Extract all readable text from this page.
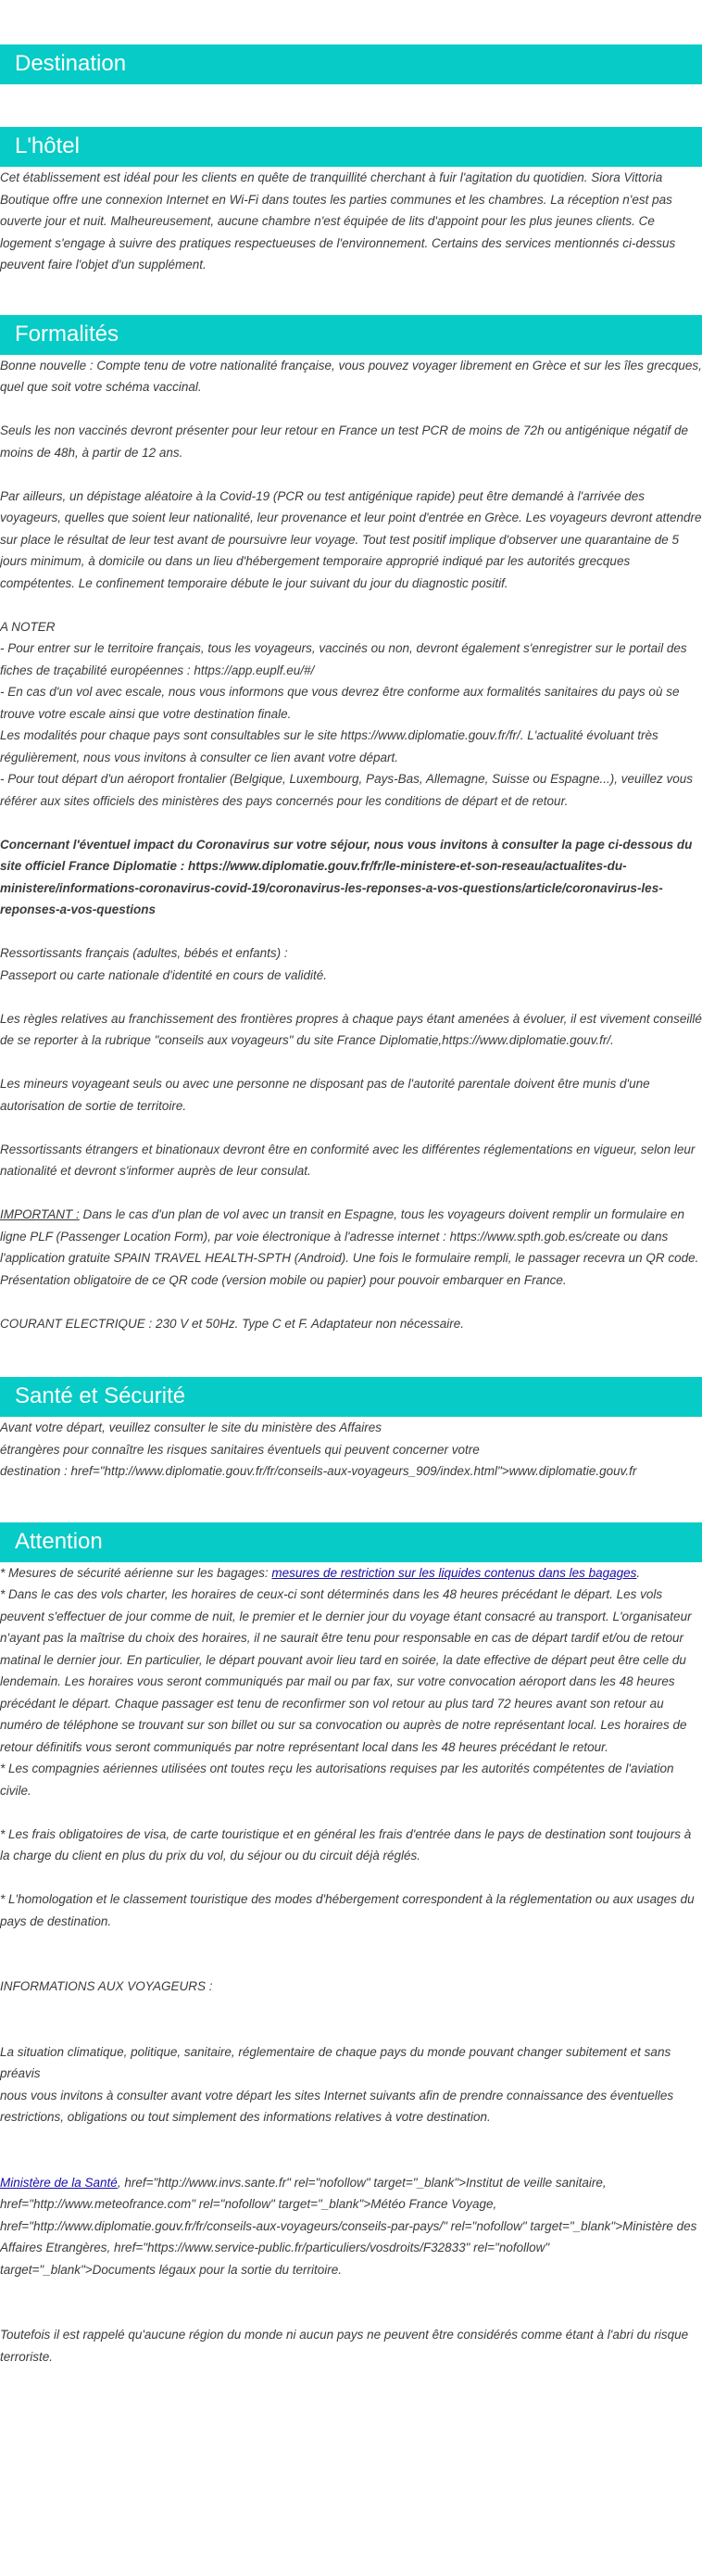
Destination
L'hôtel

Cet établissement est idéal pour les clients en quête de tranquillité cherchant à fuir l'agitation du quotidien. Siora Vittoria Boutique offre une connexion Internet en Wi-Fi dans toutes les parties communes et les chambres. La réception n'est pas ouverte jour et nuit. Malheureusement, aucune chambre n'est équipée de lits d'appoint pour les plus jeunes clients. Ce logement s'engage à suivre des pratiques respectueuses de l'environnement. Certains des services mentionnés ci-dessus peuvent faire l'objet d'un supplément.

Formalités

Bonne nouvelle : Compte tenu de votre nationalité française, vous pouvez voyager librement en Grèce et sur les îles grecques, quel que soit votre schéma vaccinal.

Seuls les non vaccinés devront présenter pour leur retour en France un test PCR de moins de 72h ou antigénique négatif de moins de 48h, à partir de 12 ans.

Par ailleurs, un dépistage aléatoire à la Covid-19 (PCR ou test antigénique rapide) peut être demandé à l'arrivée des voyageurs, quelles que soient leur nationalité, leur provenance et leur point d'entrée en Grèce. Les voyageurs devront attendre sur place le résultat de leur test avant de poursuivre leur voyage. Tout test positif implique d'observer une quarantaine de 5 jours minimum, à domicile ou dans un lieu d'hébergement temporaire approprié indiqué par les autorités grecques compétentes. Le confinement temporaire débute le jour suivant du jour du diagnostic positif.

A NOTER

- Pour entrer sur le territoire français, tous les voyageurs, vaccinés ou non, devront également s'enregistrer sur le portail des fiches de traçabilité européennes : https://app.euplf.eu/#/

- En cas d'un vol avec escale, nous vous informons que vous devrez être conforme aux formalités sanitaires du pays où se trouve votre escale ainsi que votre destination finale.

Les modalités pour chaque pays sont consultables sur le site https://www.diplomatie.gouv.fr/fr/. L'actualité évoluant très régulièrement, nous vous invitons à consulter ce lien avant votre départ.

- Pour tout départ d'un aéroport frontalier (Belgique, Luxembourg, Pays-Bas, Allemagne, Suisse ou Espagne...), veuillez vous référer aux sites officiels des ministères des pays concernés pour les conditions de départ et de retour.

Concernant l'éventuel impact du Coronavirus sur votre séjour, nous vous invitons à consulter la page ci-dessous du site officiel France Diplomatie : https://www.diplomatie.gouv.fr/fr/le-ministere-et-son-reseau/actualites-du-ministere/informations-coronavirus-covid-19/coronavirus-les-reponses-a-vos-questions/article/coronavirus-les-reponses-a-vos-questions

Ressortissants français (adultes, bébés et enfants) :

Passeport ou carte nationale d'identité en cours de validité.

Les règles relatives au franchissement des frontières propres à chaque pays étant amenées à évoluer, il est vivement conseillé de se reporter à la rubrique "conseils aux voyageurs" du site France Diplomatie,https://www.diplomatie.gouv.fr/.

Les mineurs voyageant seuls ou avec une personne ne disposant pas de l'autorité parentale doivent être munis d'une autorisation de sortie de territoire.

Ressortissants étrangers et binationaux devront être en conformité avec les différentes réglementations en vigueur, selon leur nationalité et devront s'informer auprès de leur consulat.

IMPORTANT : Dans le cas d'un plan de vol avec un transit en Espagne, tous les voyageurs doivent remplir un formulaire en ligne PLF (Passenger Location Form), par voie électronique à l'adresse internet : https://www.spth.gob.es/create ou dans l'application gratuite SPAIN TRAVEL HEALTH-SPTH (Android). Une fois le formulaire rempli, le passager recevra un QR code. Présentation obligatoire de ce QR code (version mobile ou papier) pour pouvoir embarquer en France.

COURANT ELECTRIQUE : 230 V et 50Hz. Type C et F. Adaptateur non nécessaire.

Santé et Sécurité

Avant votre départ, veuillez consulter le site du ministère des Affaires

étrangères pour connaître les risques sanitaires éventuels qui peuvent concerner votre

destination : href="http://www.diplomatie.gouv.fr/fr/conseils-aux-voyageurs_909/index.html">www.diplomatie.gouv.fr

Attention

* Mesures de sécurité aérienne sur les bagages: mesures de restriction sur les liquides contenus dans les bagages.

* Dans le cas des vols charter, les horaires de ceux-ci sont déterminés dans les 48 heures précédant le départ. Les vols peuvent s'effectuer de jour comme de nuit, le premier et le dernier jour du voyage étant consacré au transport. L'organisateur n'ayant pas la maîtrise du choix des horaires, il ne saurait être tenu pour responsable en cas de départ tardif et/ou de retour matinal le dernier jour. En particulier, le départ pouvant avoir lieu tard en soirée, la date effective de départ peut être celle du lendemain. Les horaires vous seront communiqués par mail ou par fax, sur votre convocation aéroport dans les 48 heures précédant le départ. Chaque passager est tenu de reconfirmer son vol retour au plus tard 72 heures avant son retour au numéro de téléphone se trouvant sur son billet ou sur sa convocation ou auprès de notre représentant local. Les horaires de retour définitifs vous seront communiqués par notre représentant local dans les 48 heures précédant le retour.

* Les compagnies aériennes utilisées ont toutes reçu les autorisations requises par les autorités compétentes de l'aviation civile.

* Les frais obligatoires de visa, de carte touristique et en général les frais d'entrée dans le pays de destination sont toujours à la charge du client en plus du prix du vol, du séjour ou du circuit déjà réglés.

* L'homologation et le classement touristique des modes d'hébergement correspondent à la réglementation ou aux usages du pays de destination.

INFORMATIONS AUX VOYAGEURS :

La situation climatique, politique, sanitaire, réglementaire de chaque pays du monde pouvant changer subitement et sans préavis

nous vous invitons à consulter avant votre départ les sites Internet suivants afin de prendre connaissance des éventuelles restrictions, obligations ou tout simplement des informations relatives à votre destination.

Ministère de la Santé, href="http://www.invs.sante.fr" rel="nofollow" target="_blank">Institut de veille sanitaire, href="http://www.meteofrance.com" rel="nofollow" target="_blank">Météo France Voyage, href="http://www.diplomatie.gouv.fr/fr/conseils-aux-voyageurs/conseils-par-pays/" rel="nofollow" target="_blank">Ministère des Affaires Etrangères, href="https://www.service-public.fr/particuliers/vosdroits/F32833" rel="nofollow" target="_blank">Documents légaux pour la sortie du territoire.

Toutefois il est rappelé qu'aucune région du monde ni aucun pays ne peuvent être considérés comme étant à l'abri du risque terroriste.
